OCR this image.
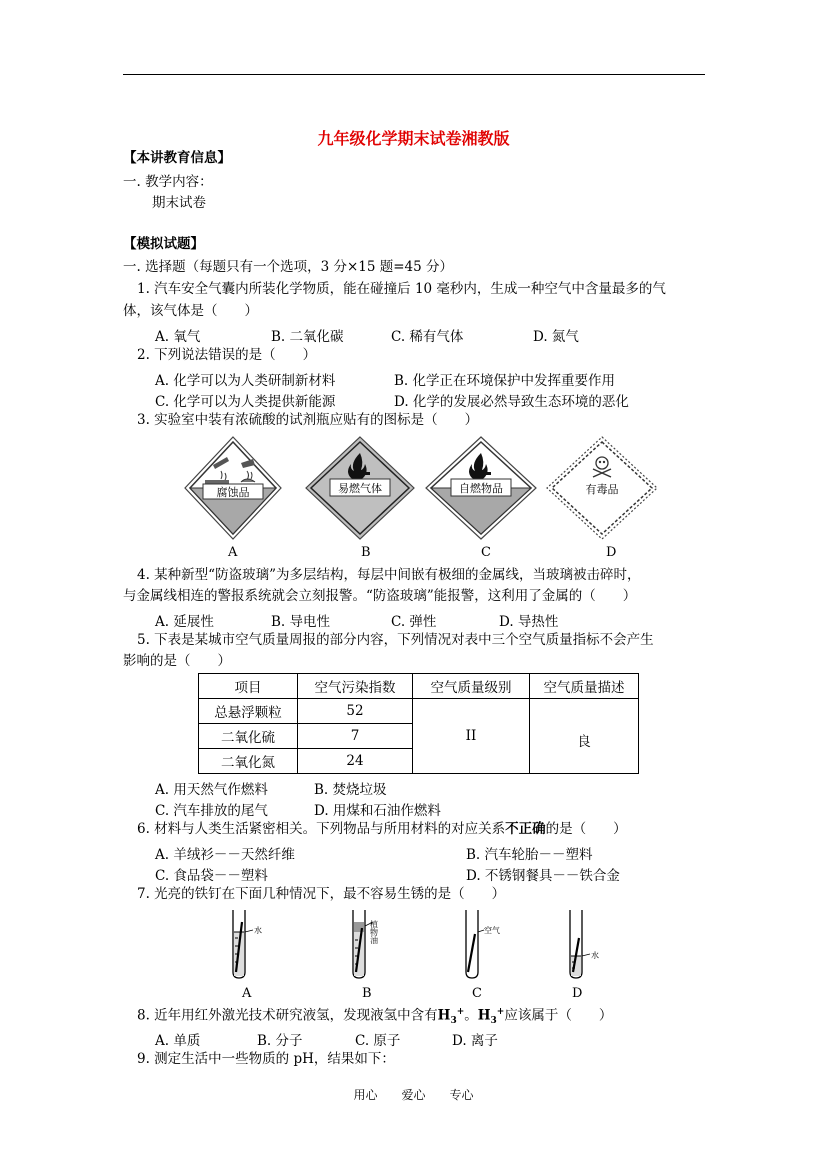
九年级化学期末试卷湘教版
【本讲教育信息】
一. 教学内容：
期末试卷
【模拟试题】
一. 选择题（每题只有一个选项，3 分×15 题=45 分）
1. 汽车安全气囊内所装化学物质，能在碰撞后 10 毫秒内，生成一种空气中含量最多的气
体，该气体是（　　）
A. 氧气	B. 二氧化碳	C. 稀有气体	D. 氮气
2. 下列说法错误的是（　　）
A. 化学可以为人类研制新材料	B. 化学正在环境保护中发挥重要作用
C. 化学可以为人类提供新能源	D. 化学的发展必然导致生态环境的恶化
3. 实验室中装有浓硫酸的试剂瓶应贴有的图标是（　　）
腐蚀品
A
易燃气体
B
自燃物品
C
有毒品
D
4. 某种新型“防盗玻璃”为多层结构，每层中间嵌有极细的金属线，当玻璃被击碎时，
与金属线相连的警报系统就会立刻报警。“防盗玻璃”能报警，这利用了金属的（　　）
A. 延展性	B. 导电性	C. 弹性	D. 导热性
5. 下表是某城市空气质量周报的部分内容，下列情况对表中三个空气质量指标不会产生
影响的是（　　）
项目	空气污染指数	空气质量级别	空气质量描述
总悬浮颗粒	52	II	良
二氧化硫	7		
二氧化氮	24		
A. 用天然气作燃料	B. 焚烧垃圾
C. 汽车排放的尾气	D. 用煤和石油作燃料
6. 材料与人类生活紧密相关。下列物品与所用材料的对应关系不正确的是（　　）
A. 羊绒衫－－天然纤维	B. 汽车轮胎－－塑料
C. 食品袋－－塑料	D. 不锈钢餐具－－铁合金
7. 光亮的铁钉在下面几种情况下，最不容易生锈的是（　　）
水
A
植物油
B
空气
C
水
D
8. 近年用红外激光技术研究液氢，发现液氢中含有$H_3^+$。$H_3^+$应该属于（　　）
A. 单质	B. 分子	C. 原子	D. 离子
9. 测定生活中一些物质的 pH，结果如下：
用心　　爱心　　专心
